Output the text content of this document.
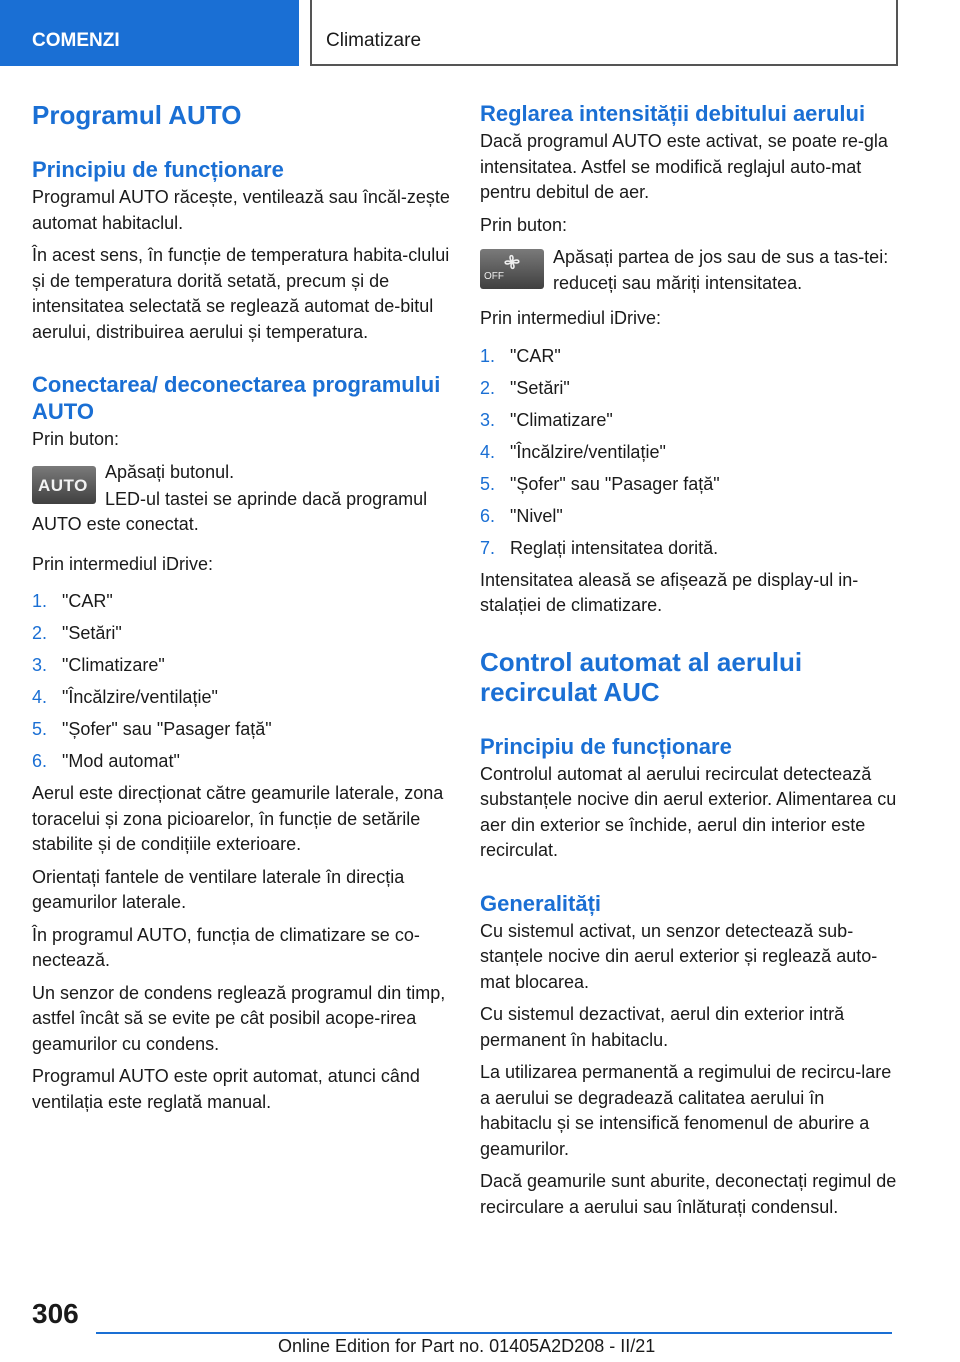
COMENZI	Climatizare
Programul AUTO
Principiu de funcționare

Programul AUTO răcește, ventilează sau încăl-zește automat habitaclul.

În acest sens, în funcție de temperatura habita-clului și de temperatura dorită setată, precum și de intensitatea selectată se reglează automat de-bitul aerului, distribuirea aerului și temperatura.

Conectarea/ deconectarea programului AUTO

Prin buton:

AUTO

Apăsați butonul.

LED-ul tastei se aprinde dacă programul AUTO este conectat.

Prin intermediul iDrive:

1. "CAR"
2. "Setări"
3. "Climatizare"
4. "Încălzire/ventilație"
5. "Șofer" sau "Pasager față"
6. "Mod automat"

Aerul este direcționat către geamurile laterale, zona toracelui și zona picioarelor, în funcție de setările stabilite și de condițiile exterioare.

Orientați fantele de ventilare laterale în direcția geamurilor laterale.

În programul AUTO, funcția de climatizare se co-nectează.

Un senzor de condens reglează programul din timp, astfel încât să se evite pe cât posibil acope-rirea geamurilor cu condens.

Programul AUTO este oprit automat, atunci când ventilația este reglată manual.

Reglarea intensității debitului aerului

Dacă programul AUTO este activat, se poate re-gla intensitatea. Astfel se modifică reglajul auto-mat pentru debitul de aer.

Prin buton:

OFF

Apăsați partea de jos sau de sus a tas-tei: reduceți sau măriți intensitatea.

Prin intermediul iDrive:

1. "CAR"
2. "Setări"
3. "Climatizare"
4. "Încălzire/ventilație"
5. "Șofer" sau "Pasager față"
6. "Nivel"
7. Reglați intensitatea dorită.

Intensitatea aleasă se afișează pe display-ul in-stalației de climatizare.

Control automat al aerului recirculat AUC
Principiu de funcționare

Controlul automat al aerului recirculat detectează substanțele nocive din aerul exterior. Alimentarea cu aer din exterior se închide, aerul din interior este recirculat.

Generalități

Cu sistemul activat, un senzor detectează sub-stanțele nocive din aerul exterior și reglează auto-mat blocarea.

Cu sistemul dezactivat, aerul din exterior intră permanent în habitaclu.

La utilizarea permanentă a regimului de recircu-lare a aerului se degradează calitatea aerului în habitaclu și se intensifică fenomenul de aburire a geamurilor.

Dacă geamurile sunt aburite, deconectați regimul de recirculare a aerului sau înlăturați condensul.

306
Online Edition for Part no. 01405A2D208 - II/21
